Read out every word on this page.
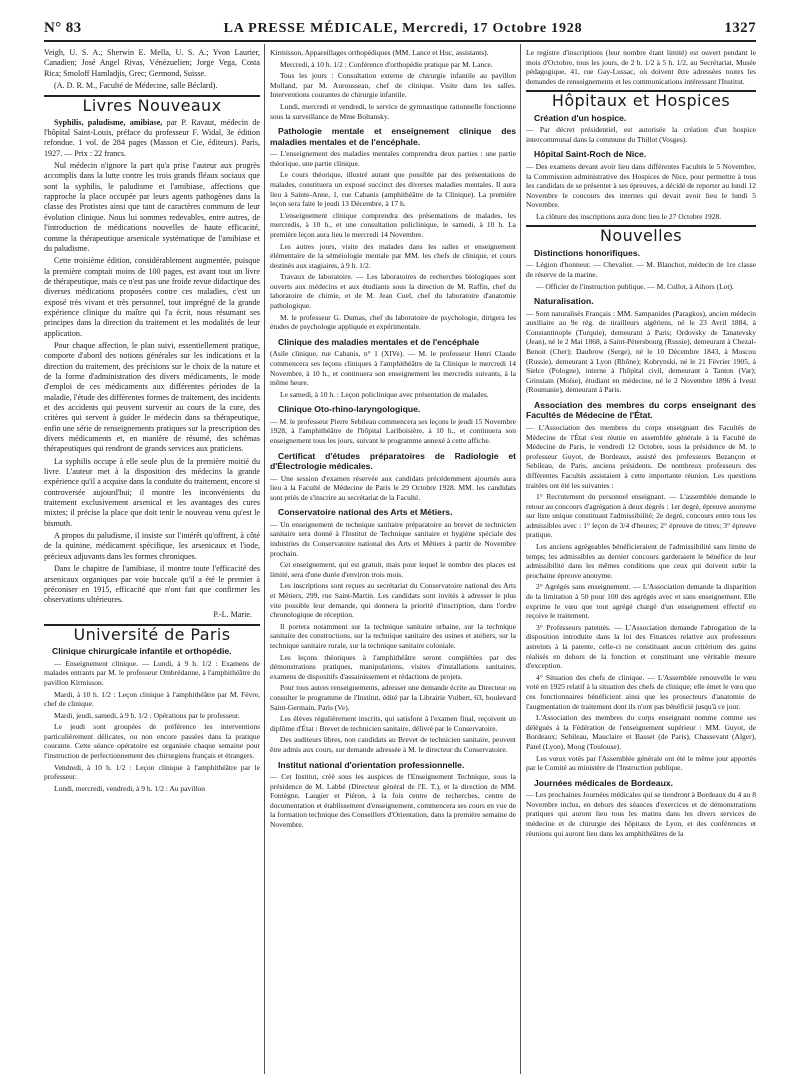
N° 83	LA PRESSE MÉDICALE, Mercredi, 17 Octobre 1928	1327

Veigh, U. S. A.; Sherwin E. Mella, U. S. A.; Yvon Laurier, Canadien; José Angel Rivas, Vénézuelien; Jorge Vega, Costa Rica; Smoloff Hamladjis, Grec; Germond, Suisse.

(A. D. R. M., Faculté de Médecine, salle Béclard).

Livres Nouveaux

Syphilis, paludisme, amibiase, par P. Ravaut, médecin de l'hôpital Saint-Louis, préface du professeur F. Widal, 3e édition refondue. 1 vol. de 284 pages (Masson et Cie, éditeurs). Paris, 1927. — Prix : 22 francs.

Nul médecin n'ignore la part qu'a prise l'auteur aux progrès accomplis dans la lutte contre les trois grands fléaux sociaux que sont la syphilis, le paludisme et l'amibiase, affections que rapproche la place occupée par leurs agents pathogènes dans la classe des Protistes ainsi que tant de caractères communs de leur évolution clinique. Nous lui sommes redevables, entre autres, de l'introduction de médications nouvelles de haute efficacité, comme la thérapeutique arsenicale systématique de l'amibiase et du paludisme.

Cette troisième édition, considérablement augmentée, puisque la première comptait moins de 100 pages, est avant tout un livre de thérapeutique, mais ce n'est pas une froide revue didactique des diverses médications proposées contre ces maladies, c'est un exposé très vivant et très personnel, tout imprégné de la grande expérience clinique du maître qui l'a écrit, nous résumant ses principes dans la direction du traitement et les modalités de leur application.

Pour chaque affection, le plan suivi, essentiellement pratique, comporte d'abord des notions générales sur les indications et la direction du traitement, des précisions sur le choix de la nature et de la forme d'administration des divers médicaments, le mode d'emploi de ces médicaments aux différentes périodes de la maladie, l'étude des différentes formes de traitement, des incidents et des accidents qui peuvent survenir au cours de la cure, des critères qui servent à guider le médecin dans sa thérapeutique, enfin une série de renseignements pratiques sur la prescription des divers médicaments et, en manière de résumé, des schémas thérapeutiques qui rendront de grands services aux praticiens.

La syphilis occupe à elle seule plus de la première moitié du livre. L'auteur met à la disposition des médecins la grande expérience qu'il a acquise dans la conduite du traitement, encore si controversée aujourd'hui; il montre les inconvénients du traitement exclusivement arsenical et les avantages des cures mixtes; il précise la place que doit tenir le nouveau venu qu'est le bismuth.

A propos du paludisme, il insiste sur l'intérêt qu'offrent, à côté de la quinine, médicament spécifique, les arsenicaux et l'iode, précieux adjuvants dans les formes chroniques.

Dans le chapitre de l'amibiase, il montre toute l'efficacité des arsenicaux organiques par voie buccale qu'il a été le premier à préconiser en 1915, efficacité que n'ont fait que confirmer les observations ultérieures.

P.-L. Marie.

Université de Paris
Clinique chirurgicale infantile et orthopédie.

— Enseignement clinique. — Lundi, à 9 h. 1/2 : Examens de malades entrants par M. le professeur Ombrédanne, à l'amphithéâtre du pavillon Kirmisson.

Mardi, à 10 h. 1/2 : Leçon clinique à l'amphithéâtre par M. Fèvre, chef de clinique.

Mardi, jeudi, samedi, à 9 h. 1/2 : Opérations par le professeur.

Le jeudi sont groupées de préférence les interventions particulièrement délicates, ou non encore passées dans la pratique courante. Cette séance opératoire est organisée chaque semaine pour l'instruction de perfectionnement des chirurgiens français et étrangers.

Vendredi, à 10 h. 1/2 : Leçon clinique à l'amphithéâtre par le professeur.

Lundi, mercredi, vendredi, à 9 h. 1/2 : Au pavillon

Kirmisson, Appareillages orthopédiques (MM. Lance et Huc, assistants).

Mercredi, à 10 h. 1/2 : Conférence d'orthopédie pratique par M. Lance.

Tous les jours : Consultation externe de chirurgie infantile au pavillon Molland, par M. Auroussean, chef de clinique. Visite dans les salles. Interventions courantes de chirurgie infantile.

Lundi, mercredi et vendredi, le service de gymnastique rationnelle fonctionne sous la surveillance de Mme Boltansky.

Pathologie mentale et enseignement clinique des maladies mentales et de l'encéphale.

— L'enseignement des maladies mentales comprendra deux parties : une partie théorique, une partie clinique.

Le cours théorique, illustré autant que possible par des présentations de malades, constituera un exposé succinct des diverses maladies mentales. Il aura lieu à Sainte-Anne, 1, rue Cabanis (amphithéâtre de la Clinique). La première leçon sera faite le jeudi 13 Décembre, à 17 h.

L'enseignement clinique comprendra des présentations de malades, les mercredis, à 10 h., et une consultation policlinique, le samedi, à 10 h. La première leçon aura lieu le mercredi 14 Novembre.

Les autres jours, visite des malades dans les salles et enseignement élémentaire de la séméiologie mentale par MM. les chefs de clinique, et cours destinés aux stagiaires, à 9 h. 1/2.

Travaux de laboratoire. — Les laboratoires de recherches biologiques sont ouverts aux médecins et aux étudiants sous la direction de M. Raffin, chef du laboratoire de chimie, et de M. Jean Cuel, chef du laboratoire d'anatomie pathologique.

M. le professeur G. Dumas, chef du laboratoire de psychologie, dirigera les études de psychologie appliquée et expérimentale.

Clinique des maladies mentales et de l'encéphale

(Asile clinique, rue Cabanis, n° 1 (XIVe). — M. le professeur Henri Claude commencera ses leçons cliniques à l'amphithéâtre de la Clinique le mercredi 14 Novembre, à 10 h., et continuera son enseignement les mercredis suivants, à la même heure.

Le samedi, à 10 h. : Leçon policlinique avec présentation de malades.

Clinique Oto-rhino-laryngologique.

— M. le professeur Pierre Sebileau commencera ses leçons le jeudi 15 Novembre 1928, à l'amphithéâtre de l'hôpital Lariboisière, à 10 h., et continuera son enseignement tous les jours, suivant le programme annexé à cette affiche.

Certificat d'études préparatoires de Radiologie et d'Électrologie médicales.

— Une session d'examen réservée aux candidats précédemment ajournés aura lieu à la Faculté de Médecine de Paris le 29 Octobre 1928. MM. les candidats sont priés de s'inscrire au secrétariat de la Faculté.

Conservatoire national des Arts et Métiers.

— Un enseignement de technique sanitaire préparatoire au brevet de technicien sanitaire sera donné à l'Institut de Technique sanitaire et hygiène spéciale des industries du Conservatoire national des Arts et Métiers à partir de Novembre prochain.

Cet enseignement, qui est gratuit, mais pour lequel le nombre des places est limité, sera d'une durée d'environ trois mois.

Les inscriptions sont reçues au secrétariat du Conservatoire national des Arts et Métiers, 299, rue Saint-Martin. Les candidats sont invités à adresser le plus vite possible leur demande, qui donnera la priorité d'inscription, dans l'ordre chronologique de réception.

Il portera notamment sur la technique sanitaire urbaine, sur la technique sanitaire des constructions, sur la technique sanitaire des usines et ateliers, sur la technique sanitaire rurale, sur la technique sanitaire coloniale.

Les leçons théoriques à l'amphithéâtre seront complétées par des démonstrations pratiques, manipulations, visites d'installations sanitaires, examens de dispositifs d'assainissement et rédactions de projets.

Pour tous autres renseignements, adresser une demande écrite au Directeur ou consulter le programme de l'Institut, édité par la Librairie Vuibert, 63, boulevard Saint-Germain, Paris (Ve).

Les élèves régulièrement inscrits, qui satisfont à l'examen final, reçoivent un diplôme d'État : Brevet de technicien sanitaire, délivré par le Conservatoire.

Des auditeurs libres, non candidats au Brevet de technicien sanitaire, peuvent être admis aux cours, sur demande adressée à M. le directeur du Conservatoire.

Institut national d'orientation professionnelle.

— Cet Institut, créé sous les auspices de l'Enseignement Technique, sous la présidence de M. Labbé (Directeur général de l'E. T.), et la direction de MM. Fontègne, Laugier et Piéron, à la fois centre de recherches, centre de documentation et établissement d'enseignement, commencera ses cours en vue de la formation technique des Conseillers d'Orientation, dans la première semaine de Novembre.

Le registre d'inscriptions (leur nombre étant limité) est ouvert pendant le mois d'Octobre, tous les jours, de 2 h. 1/2 à 5 h. 1/2, au Secrétariat, Musée pédagogique, 41, rue Gay-Lussac, où doivent être adressées toutes les demandes de renseignements et les communications intéressant l'Institut.

Hôpitaux et Hospices
Création d'un hospice.

— Par décret présidentiel, est autorisée la création d'un hospice intercommunal dans la commune du Thillot (Vosges).

Hôpital Saint-Roch de Nice.

— Des examens devant avoir lieu dans différentes Facultés le 5 Novembre, la Commission administrative des Hospices de Nice, pour permettre à tous les candidats de se présenter à ses épreuves, a décidé de reporter au lundi 12 Novembre le concours des internes qui devait avoir lieu le lundi 5 Novembre.

La clôture des inscriptions aura donc lieu le 27 Octobre 1928.

Nouvelles
Distinctions honorifiques.

— Légion d'honneur. — Chevalier. — M. Blanchot, médecin de 1re classe de réserve de la marine.

— Officier de l'instruction publique. — M. Cullot, à Aihors (Lot).

Naturalisation.

— Sont naturalisés Français : MM. Sampanides (Paragkos), ancien médecin auxiliaire au 9e rég. de tirailleurs algériens, né le 23 Avril 1884, à Constantinople (Turquie), demeurant à Paris; Ordovsky de Tanatevsky (Jean), né le 2 Mai 1868, à Saint-Pétersbourg (Russie), demeurant à Chezal-Benoit (Cher); Daubrow (Serge), né le 10 Décembre 1843, à Moscou (Russie), demeurant à Lyon (Rhône); Kobrynski, né le 21 Février 1905, à Sielce (Pologne), interne à l'hôpital civil, demeurant à Tanton (Var); Grinstain (Moïse), étudiant en médecine, né le 2 Novembre 1896 à Ivesti (Roumanie), demeurant à Paris.

Association des membres du corps enseignant des Facultés de Médecine de l'État.

— L'Association des membres du corps enseignant des Facultés de Médecine de l'État s'est réunie en assemblée générale à la Faculté de Médecine de Paris, le vendredi 12 Octobre, sous la présidence de M. le professeur Guyot, de Bordeaux, assisté des professeurs Bezançon et Sebileau, de Paris, anciens présidents. De nombreux professeurs des différentes Facultés assistaient à cette importante réunion. Les questions traitées ont été les suivantes :

1° Recrutement du personnel enseignant. — L'assemblée demande le retour au concours d'agrégation à deux degrés : 1er degré, épreuve anonyme sur liste unique constituant l'admissibilité; 2e degré, concours entre tous les admissibles avec : 1° leçon de 3/4 d'heures; 2° épreuve de titres; 3° épreuve pratique.

Les anciens agrégeables bénéficieraient de l'admissibilité sans limite de temps; les admissibles au dernier concours garderaient le bénéfice de leur admissibilité dans les mêmes conditions que ceux qui doivent subir la prochaine épreuve anonyme.

2° Agrégés sans enseignement. — L'Association demande la disparition de la limitation à 50 pour 100 des agrégés avec et sans enseignement. Elle exprime le vœu que tout agrégé chargé d'un enseignement effectif en reçoive le traitement.

3° Professeurs patentés. — L'Association demande l'abrogation de la disposition introduite dans la loi des Finances relative aux professeurs astreints à la patente, celle-ci ne constituant aucun critérium des gains réalisés en dehors de la fonction et constituant une véritable mesure d'exception.

4° Situation des chefs de clinique. — L'Assemblée renouvelle le vœu voté en 1925 relatif à la situation des chefs de clinique; elle émet le vœu que ces fonctionnaires bénéficient ainsi que les prosecteurs d'anatomie de l'augmentation de traitement dont ils n'ont pas bénéficié jusqu'à ce jour.

L'Association des membres du corps enseignant nomme comme ses délégués à la Fédération de l'enseignement supérieur : MM. Guyot, de Bordeaux; Sebileau, Mauclaire et Basset (de Paris), Chassevant (Alger), Patel (Lyon), Moog (Toulouse).

Les vœux votés par l'Assemblée générale ont été le même jour apportés par le Comité au ministère de l'Instruction publique.

Journées médicales de Bordeaux.

— Les prochaines Journées médicales qui se tiendront à Bordeaux du 4 au 8 Novembre inclus, en dehors des séances d'exercices et de démonstrations pratiques qui auront lieu tous les matins dans les divers services de médecine et de chirurgie des hôpitaux de Lyon, et des conférences et réunions qui auront lieu dans les amphithéâtres de la
